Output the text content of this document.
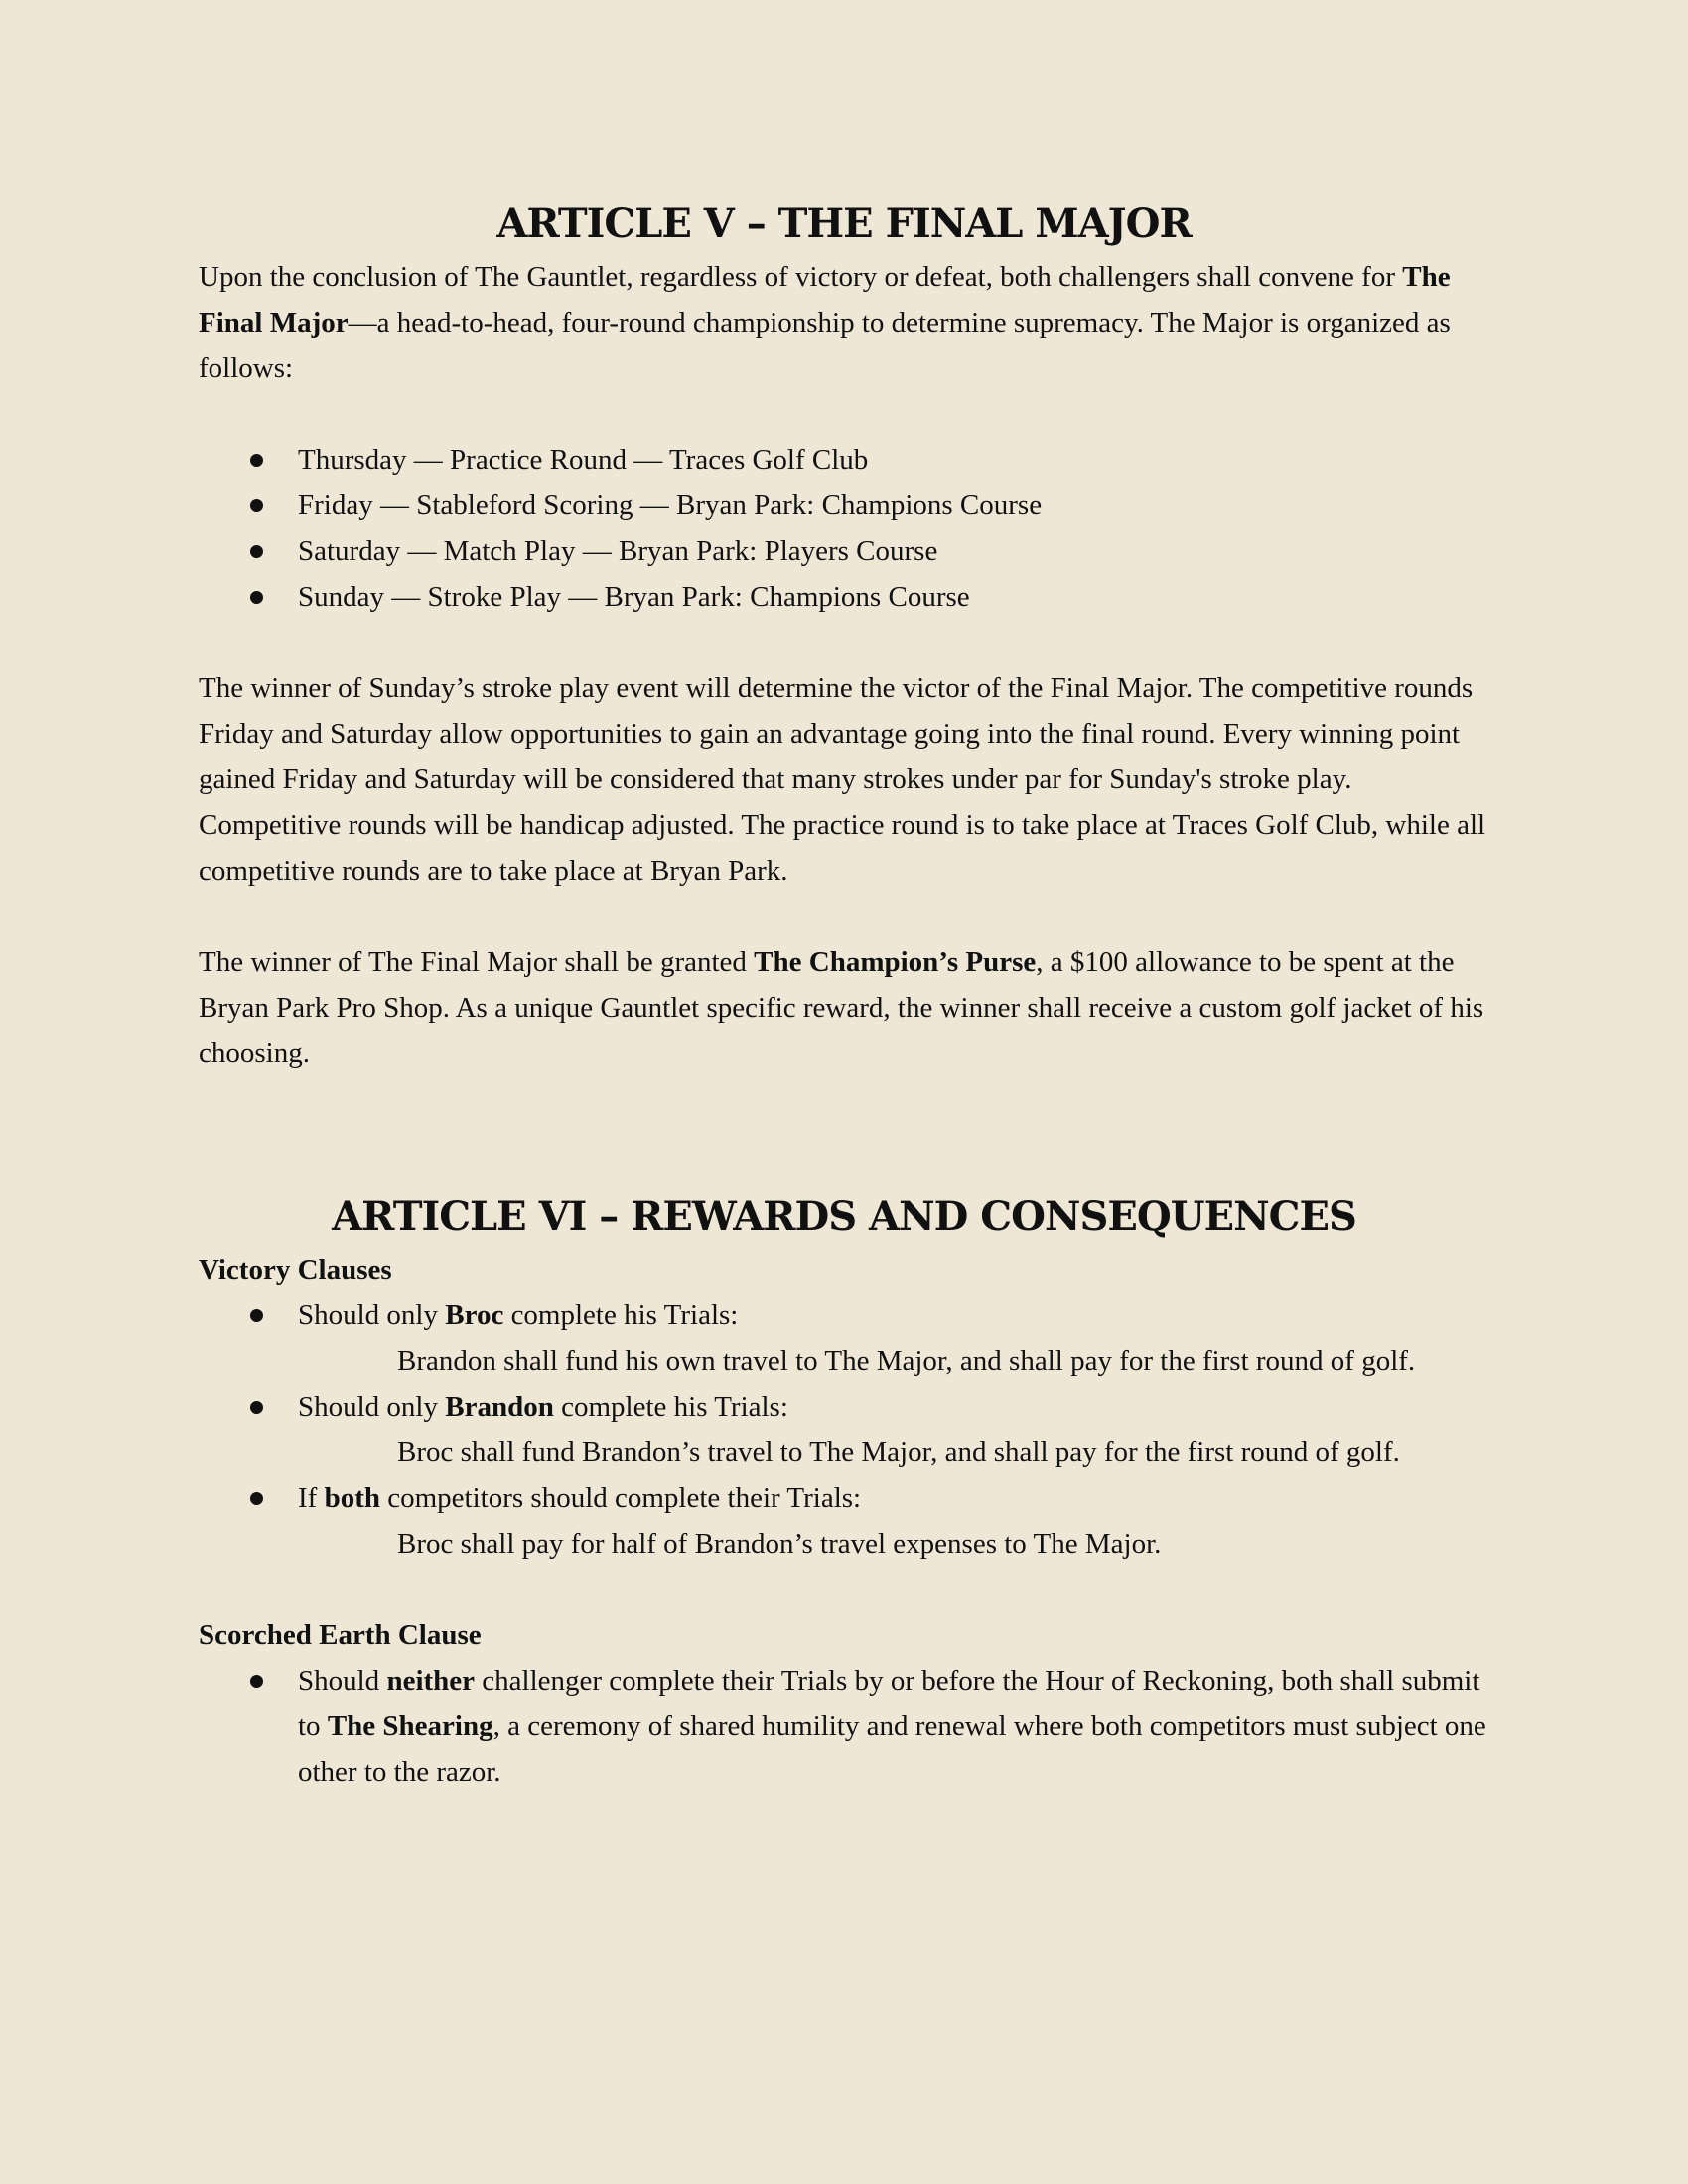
ARTICLE V – THE FINAL MAJOR

Upon the conclusion of The Gauntlet, regardless of victory or defeat, both challengers shall convene for The Final Major—a head-to-head, four-round championship to determine supremacy. The Major is organized as follows:

Thursday — Practice Round — Traces Golf Club
Friday — Stableford Scoring — Bryan Park: Champions Course
Saturday — Match Play — Bryan Park: Players Course
Sunday — Stroke Play — Bryan Park: Champions Course

The winner of Sunday’s stroke play event will determine the victor of the Final Major. The competitive rounds Friday and Saturday allow opportunities to gain an advantage going into the final round. Every winning point gained Friday and Saturday will be considered that many strokes under par for Sunday's stroke play. Competitive rounds will be handicap adjusted. The practice round is to take place at Traces Golf Club, while all competitive rounds are to take place at Bryan Park.

The winner of The Final Major shall be granted The Champion’s Purse, a $100 allowance to be spent at the Bryan Park Pro Shop. As a unique Gauntlet specific reward, the winner shall receive a custom golf jacket of his choosing.

ARTICLE VI – REWARDS AND CONSEQUENCES

Victory Clauses

Should only Broc complete his Trials:
Brandon shall fund his own travel to The Major, and shall pay for the first round of golf.
Should only Brandon complete his Trials:
Broc shall fund Brandon’s travel to The Major, and shall pay for the first round of golf.
If both competitors should complete their Trials:
Broc shall pay for half of Brandon’s travel expenses to The Major.

Scorched Earth Clause

Should neither challenger complete their Trials by or before the Hour of Reckoning, both shall submit to The Shearing, a ceremony of shared humility and renewal where both competitors must subject one other to the razor.
